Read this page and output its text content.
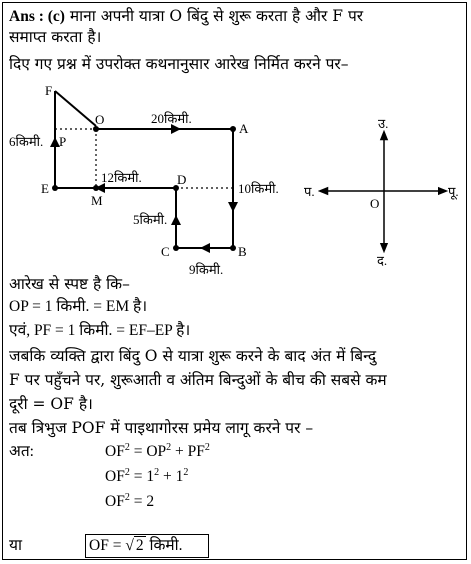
Ans : (c) माना अपनी यात्रा O बिंदु से शुरू करता है और F पर
समाप्त करता है।
दिए गए प्रश्न में उपरोक्त कथनानुसार आरेख निर्मित करने पर–
F
O
A
P
E
M
D
B
C
20किमी.
6किमी.
12किमी.
10किमी.
5किमी.
9किमी.
उ.
द.
प.	पू.
O
आरेख से स्पष्ट है कि–
OP = 1 किमी. = EM है।
एवं, PF = 1 किमी. = EF–EP है।
जबकि व्यक्ति द्वारा बिंदु O से यात्रा शुरू करने के बाद अंत में बिन्दु
F पर पहुँचने पर, शुरूआती व अंतिम बिन्दुओं के बीच की सबसे कम
दूरी = OF है।
तब त्रिभुज POF में पाइथागोरस प्रमेय लागू करने पर –
अत:	$OF^2 = OP^2 + PF^2$
$OF^2 = 1^2 + 1^2$
$OF^2 = 2$
या	OF = √ 2 किमी.
